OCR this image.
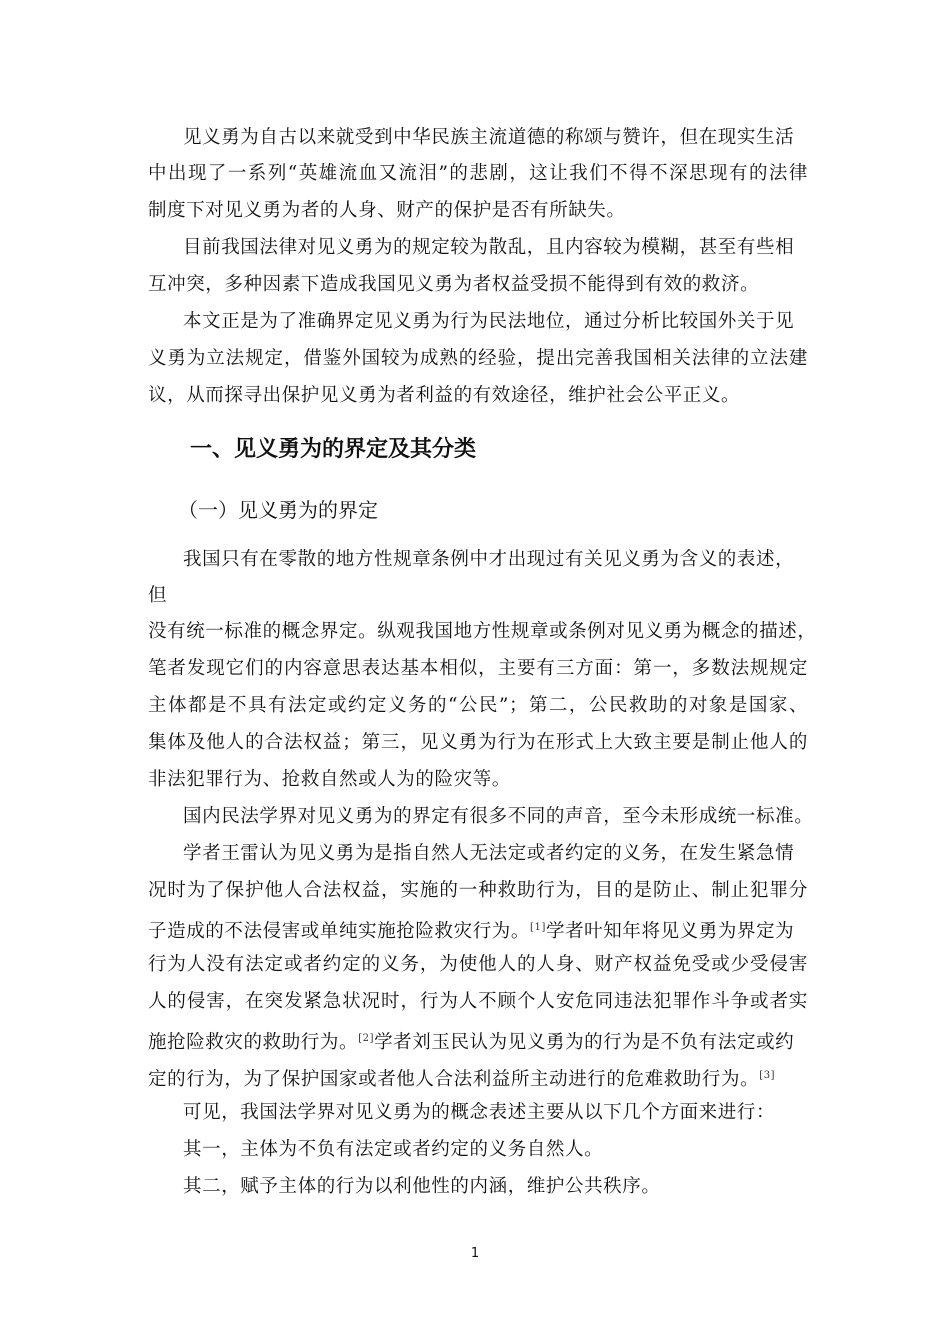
见义勇为自古以来就受到中华民族主流道德的称颂与赞许，但在现实生活
中出现了一系列“英雄流血又流泪”的悲剧，这让我们不得不深思现有的法律
制度下对见义勇为者的人身、财产的保护是否有所缺失。
目前我国法律对见义勇为的规定较为散乱，且内容较为模糊，甚至有些相
互冲突，多种因素下造成我国见义勇为者权益受损不能得到有效的救济。
本文正是为了准确界定见义勇为行为民法地位，通过分析比较国外关于见
义勇为立法规定，借鉴外国较为成熟的经验，提出完善我国相关法律的立法建
议，从而探寻出保护见义勇为者利益的有效途径，维护社会公平正义。
一、见义勇为的界定及其分类
（一）见义勇为的界定
我国只有在零散的地方性规章条例中才出现过有关见义勇为含义的表述，
但
没有统一标准的概念界定。纵观我国地方性规章或条例对见义勇为概念的描述，
笔者发现它们的内容意思表达基本相似，主要有三方面：第一，多数法规规定
主体都是不具有法定或约定义务的“公民”；第二，公民救助的对象是国家、
集体及他人的合法权益；第三，见义勇为行为在形式上大致主要是制止他人的
非法犯罪行为、抢救自然或人为的险灾等。
国内民法学界对见义勇为的界定有很多不同的声音，至今未形成统一标准。
学者王雷认为见义勇为是指自然人无法定或者约定的义务，在发生紧急情
况时为了保护他人合法权益，实施的一种救助行为，目的是防止、制止犯罪分
子造成的不法侵害或单纯实施抢险救灾行为。[1]学者叶知年将见义勇为界定为
行为人没有法定或者约定的义务，为使他人的人身、财产权益免受或少受侵害
人的侵害，在突发紧急状况时，行为人不顾个人安危同违法犯罪作斗争或者实
施抢险救灾的救助行为。[2]学者刘玉民认为见义勇为的行为是不负有法定或约
定的行为，为了保护国家或者他人合法利益所主动进行的危难救助行为。[3]
可见，我国法学界对见义勇为的概念表述主要从以下几个方面来进行：
其一，主体为不负有法定或者约定的义务自然人。
其二，赋予主体的行为以利他性的内涵，维护公共秩序。
1
